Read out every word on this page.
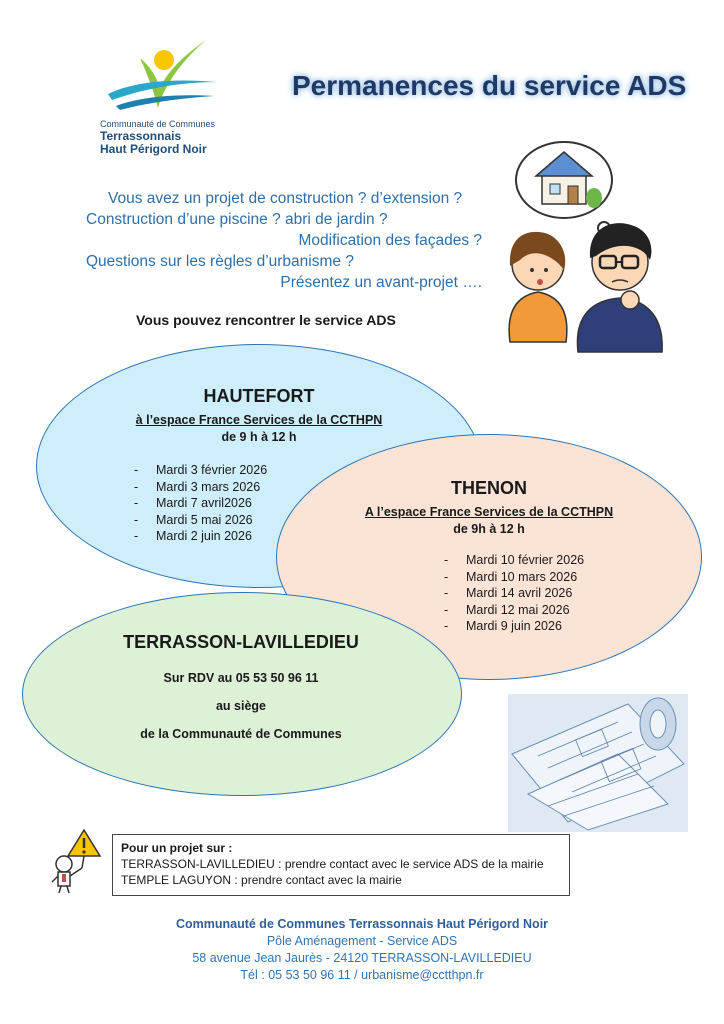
Communauté de Communes
Terrassonnais
Haut Périgord Noir
Permanences du service ADS
Vous avez un projet de construction ? d’extension ?
Construction d’une piscine ? abri de jardin ?
Modification des façades ?
Questions sur les règles d’urbanisme ?
Présentez un avant-projet ….
Vous pouvez rencontrer le service ADS
HAUTEFORT
à l’espace France Services de la CCTHPN
de 9 h à 12 h
- Mardi 3 février 2026
- Mardi 3 mars 2026
- Mardi 7 avril2026
- Mardi 5 mai 2026
- Mardi 2 juin 2026
THENON
A l’espace France Services de la CCTHPN
de 9h à 12 h
- Mardi 10 février 2026
- Mardi 10 mars 2026
- Mardi 14 avril 2026
- Mardi 12 mai 2026
- Mardi 9 juin 2026
TERRASSON-LAVILLEDIEU
Sur RDV au 05 53 50 96 11
au siège
de la Communauté de Communes
Pour un projet sur :
TERRASSON-LAVILLEDIEU : prendre contact avec le service ADS de la mairie
TEMPLE LAGUYON : prendre contact avec la mairie
Communauté de Communes Terrassonnais Haut Périgord Noir
Pôle Aménagement - Service ADS
58 avenue Jean Jaurès - 24120 TERRASSON-LAVILLEDIEU
Tél : 05 53 50 96 11 / urbanisme@cctthpn.fr
